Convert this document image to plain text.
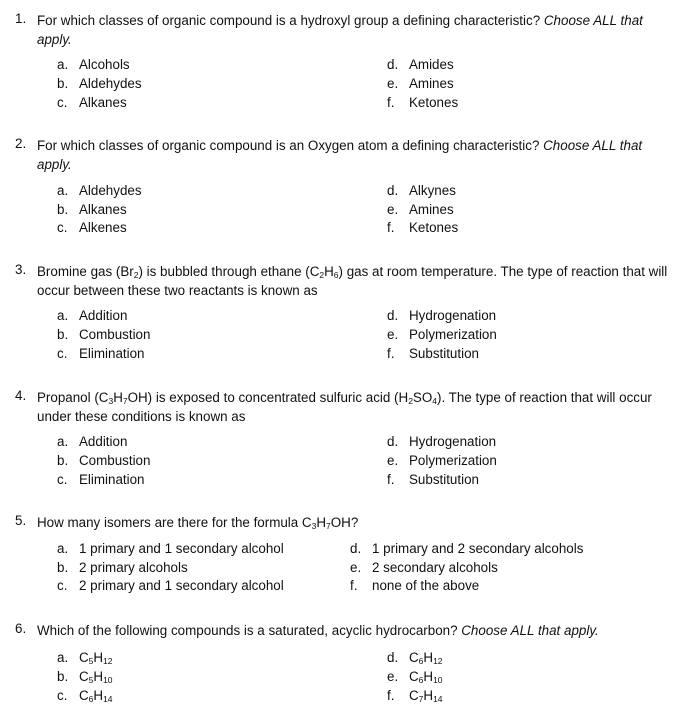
1. For which classes of organic compound is a hydroxyl group a defining characteristic? Choose ALL that apply.
a. Alcohols
b. Aldehydes
c. Alkanes
d. Amides
e. Amines
f. Ketones
2. For which classes of organic compound is an Oxygen atom a defining characteristic? Choose ALL that apply.
a. Aldehydes
b. Alkanes
c. Alkenes
d. Alkynes
e. Amines
f. Ketones
3. Bromine gas $(Br_2)$ is bubbled through ethane $(C_2H_6)$ gas at room temperature. The type of reaction that will occur between these two reactants is known as
a. Addition
b. Combustion
c. Elimination
d. Hydrogenation
e. Polymerization
f. Substitution
4. Propanol $(C_3H_7OH)$ is exposed to concentrated sulfuric acid $(H_2SO_4)$. The type of reaction that will occur under these conditions is known as
a. Addition
b. Combustion
c. Elimination
d. Hydrogenation
e. Polymerization
f. Substitution
5. How many isomers are there for the formula $C_3H_7OH$?
a. 1 primary and 1 secondary alcohol
b. 2 primary alcohols
c. 2 primary and 1 secondary alcohol
d. 1 primary and 2 secondary alcohols
e. 2 secondary alcohols
f. none of the above
6. Which of the following compounds is a saturated, acyclic hydrocarbon? Choose ALL that apply.
a. $C_5H_{12}$
b. $C_5H_{10}$
c. $C_6H_{14}$
d. $C_6H_{12}$
e. $C_6H_{10}$
f. $C_7H_{14}$
